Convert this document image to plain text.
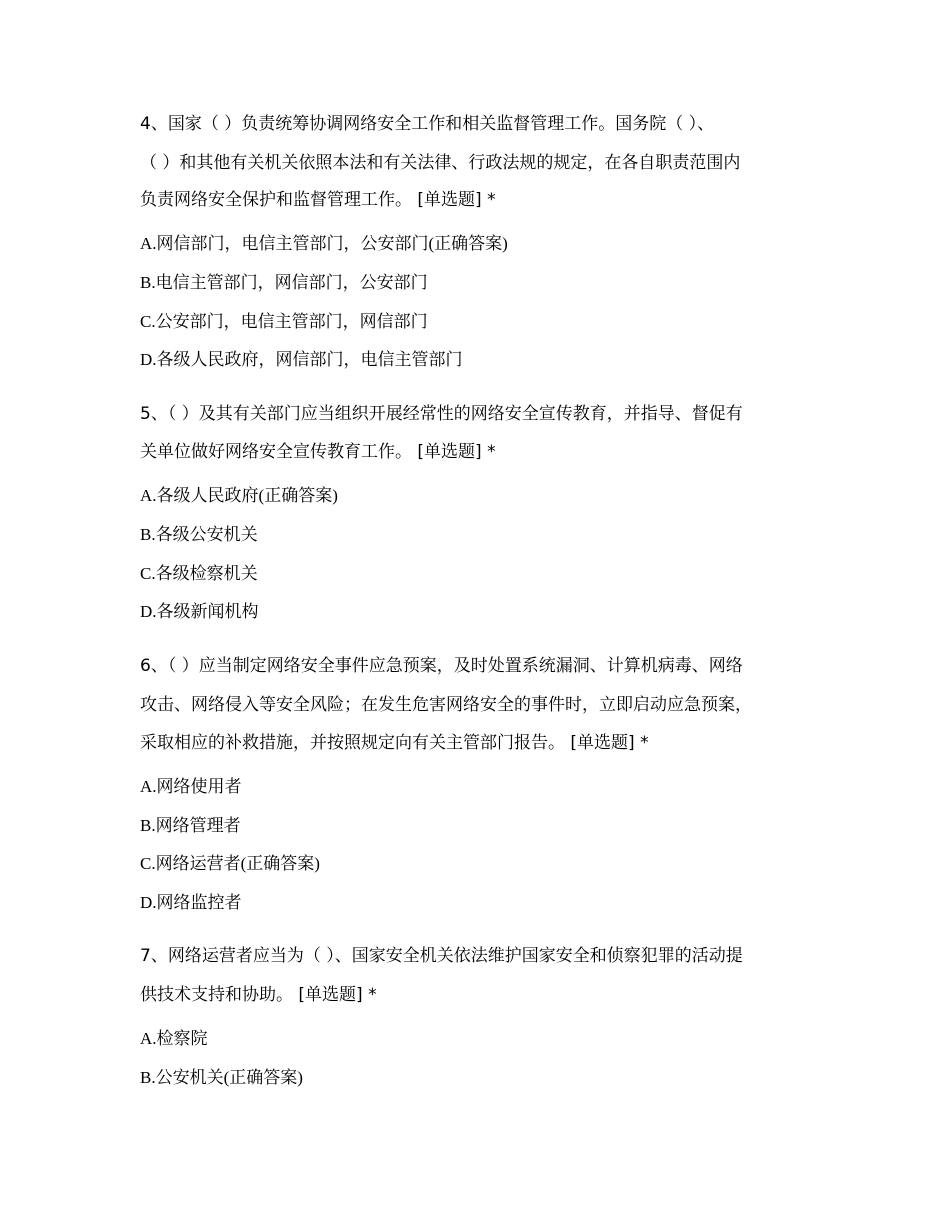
4、国家（ ）负责统筹协调网络安全工作和相关监督管理工作。国务院（ ）、
（ ）和其他有关机关依照本法和有关法律、行政法规的规定，在各自职责范围内
负责网络安全保护和监督管理工作。 [单选题] *
A.网信部门，电信主管部门，公安部门(正确答案)
B.电信主管部门，网信部门，公安部门
C.公安部门，电信主管部门，网信部门
D.各级人民政府，网信部门，电信主管部门
5、（ ）及其有关部门应当组织开展经常性的网络安全宣传教育，并指导、督促有
关单位做好网络安全宣传教育工作。 [单选题] *
A.各级人民政府(正确答案)
B.各级公安机关
C.各级检察机关
D.各级新闻机构
6、（ ）应当制定网络安全事件应急预案，及时处置系统漏洞、计算机病毒、网络
攻击、网络侵入等安全风险；在发生危害网络安全的事件时，立即启动应急预案，
采取相应的补救措施，并按照规定向有关主管部门报告。 [单选题] *
A.网络使用者
B.网络管理者
C.网络运营者(正确答案)
D.网络监控者
7、网络运营者应当为（ ）、国家安全机关依法维护国家安全和侦察犯罪的活动提
供技术支持和协助。 [单选题] *
A.检察院
B.公安机关(正确答案)
